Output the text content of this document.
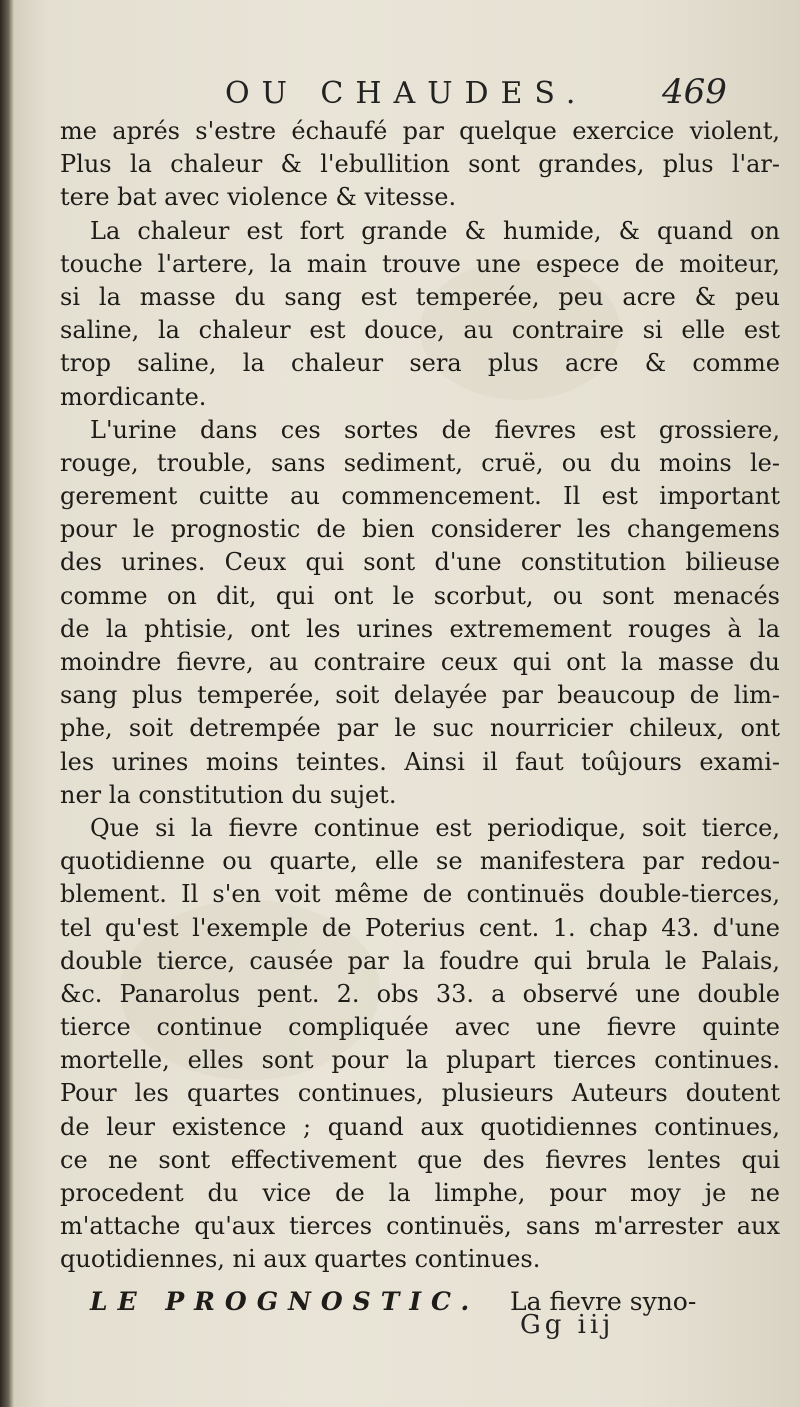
OU CHAUDES. 469
me aprés s'estre échaufé par quelque exercice violent,
Plus la chaleur & l'ebullition sont grandes, plus l'ar-
tere bat avec violence & vitesse.
La chaleur est fort grande & humide, & quand on
touche l'artere, la main trouve une espece de moiteur,
si la masse du sang est temperée, peu acre & peu
saline, la chaleur est douce, au contraire si elle est
trop saline, la chaleur sera plus acre & comme
mordicante.
L'urine dans ces sortes de fievres est grossiere,
rouge, trouble, sans sediment, cruë, ou du moins le-
gerement cuitte au commencement. Il est important
pour le prognostic de bien considerer les changemens
des urines. Ceux qui sont d'une constitution bilieuse
comme on dit, qui ont le scorbut, ou sont menacés
de la phtisie, ont les urines extremement rouges à la
moindre fievre, au contraire ceux qui ont la masse du
sang plus temperée, soit delayée par beaucoup de lim-
phe, soit detrempée par le suc nourricier chileux, ont
les urines moins teintes. Ainsi il faut toûjours exami-
ner la constitution du sujet.
Que si la fievre continue est periodique, soit tierce,
quotidienne ou quarte, elle se manifestera par redou-
blement. Il s'en voit même de continuës double-tierces,
tel qu'est l'exemple de Poterius cent. 1. chap 43. d'une
double tierce, causée par la foudre qui brula le Palais,
&c. Panarolus pent. 2. obs 33. a observé une double
tierce continue compliquée avec une fievre quinte
mortelle, elles sont pour la plupart tierces continues.
Pour les quartes continues, plusieurs Auteurs doutent
de leur existence ; quand aux quotidiennes continues,
ce ne sont effectivement que des fievres lentes qui
procedent du vice de la limphe, pour moy je ne
m'attache qu'aux tierces continuës, sans m'arrester aux
quotidiennes, ni aux quartes continues.
LE PROGNOSTIC. La fievre syno-
Gg iij
